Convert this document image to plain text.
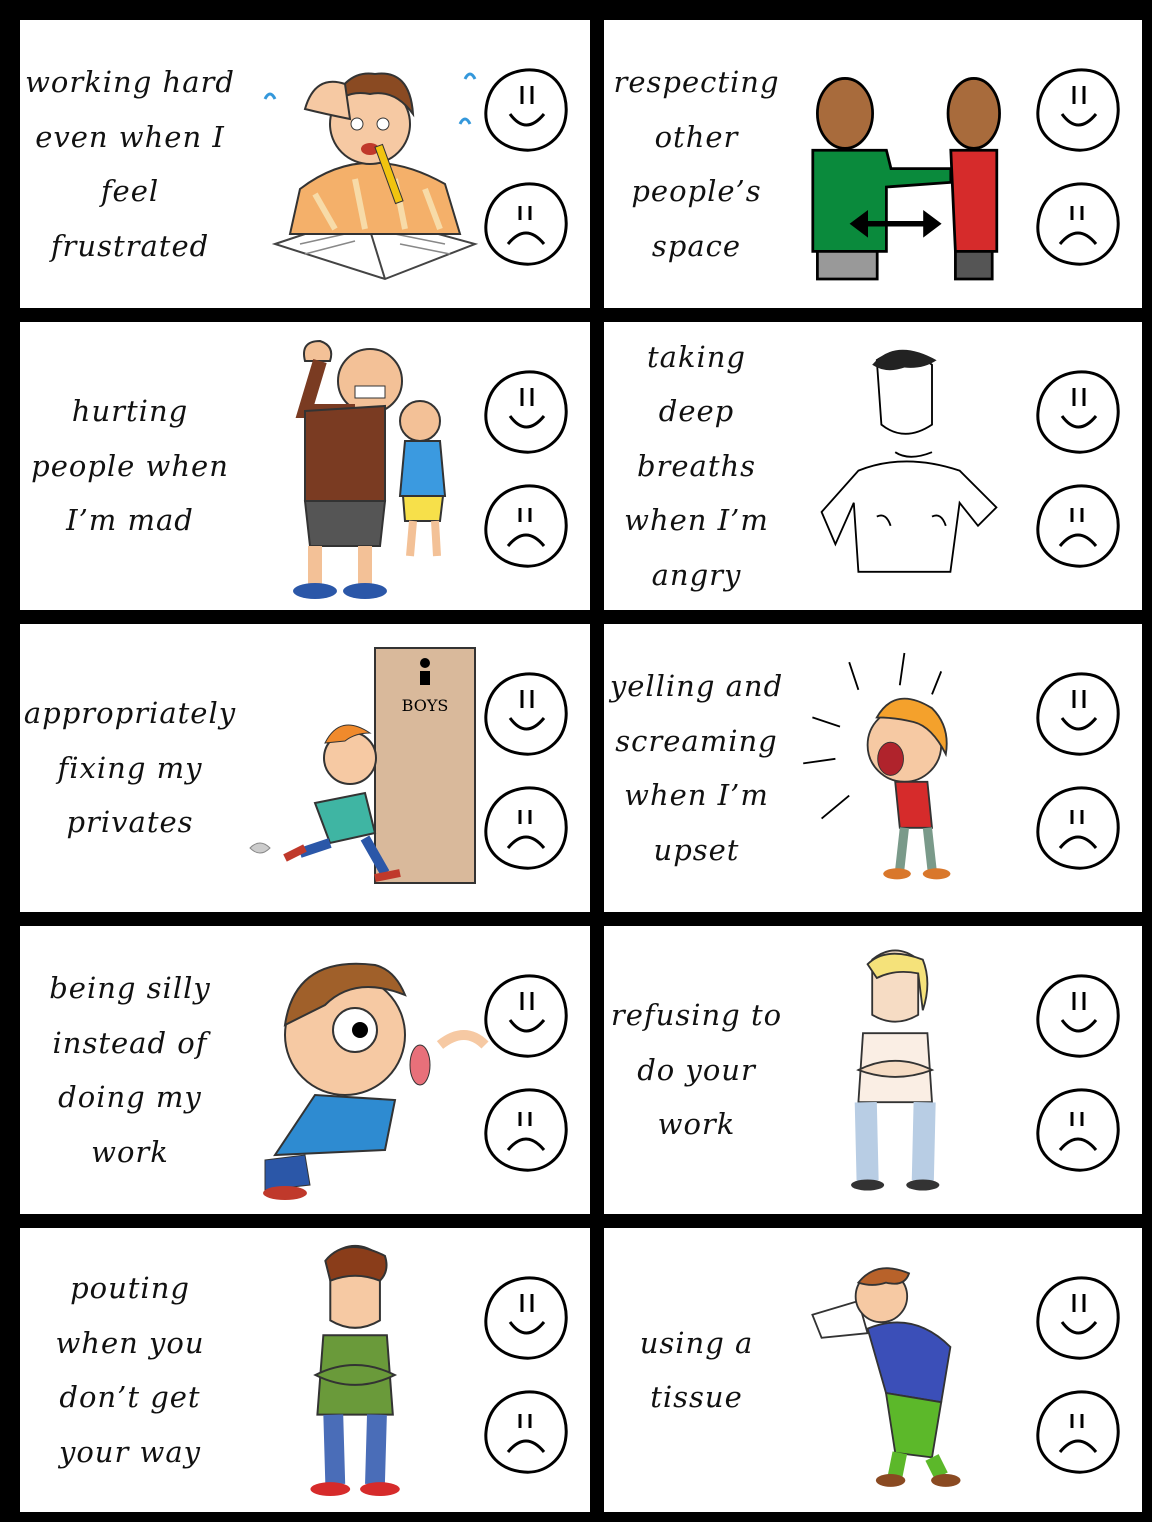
working hard
even when I
feel
frustrated
respecting
other
people’s
space
hurting
people when
I’m mad
taking
deep
breaths
when I’m
angry
appropriately
fixing my
privates
BOYS
yelling and
screaming
when I’m
upset
being silly
instead of
doing my
work
refusing to
do your
work
pouting
when you
don’t get
your way
using a
tissue
